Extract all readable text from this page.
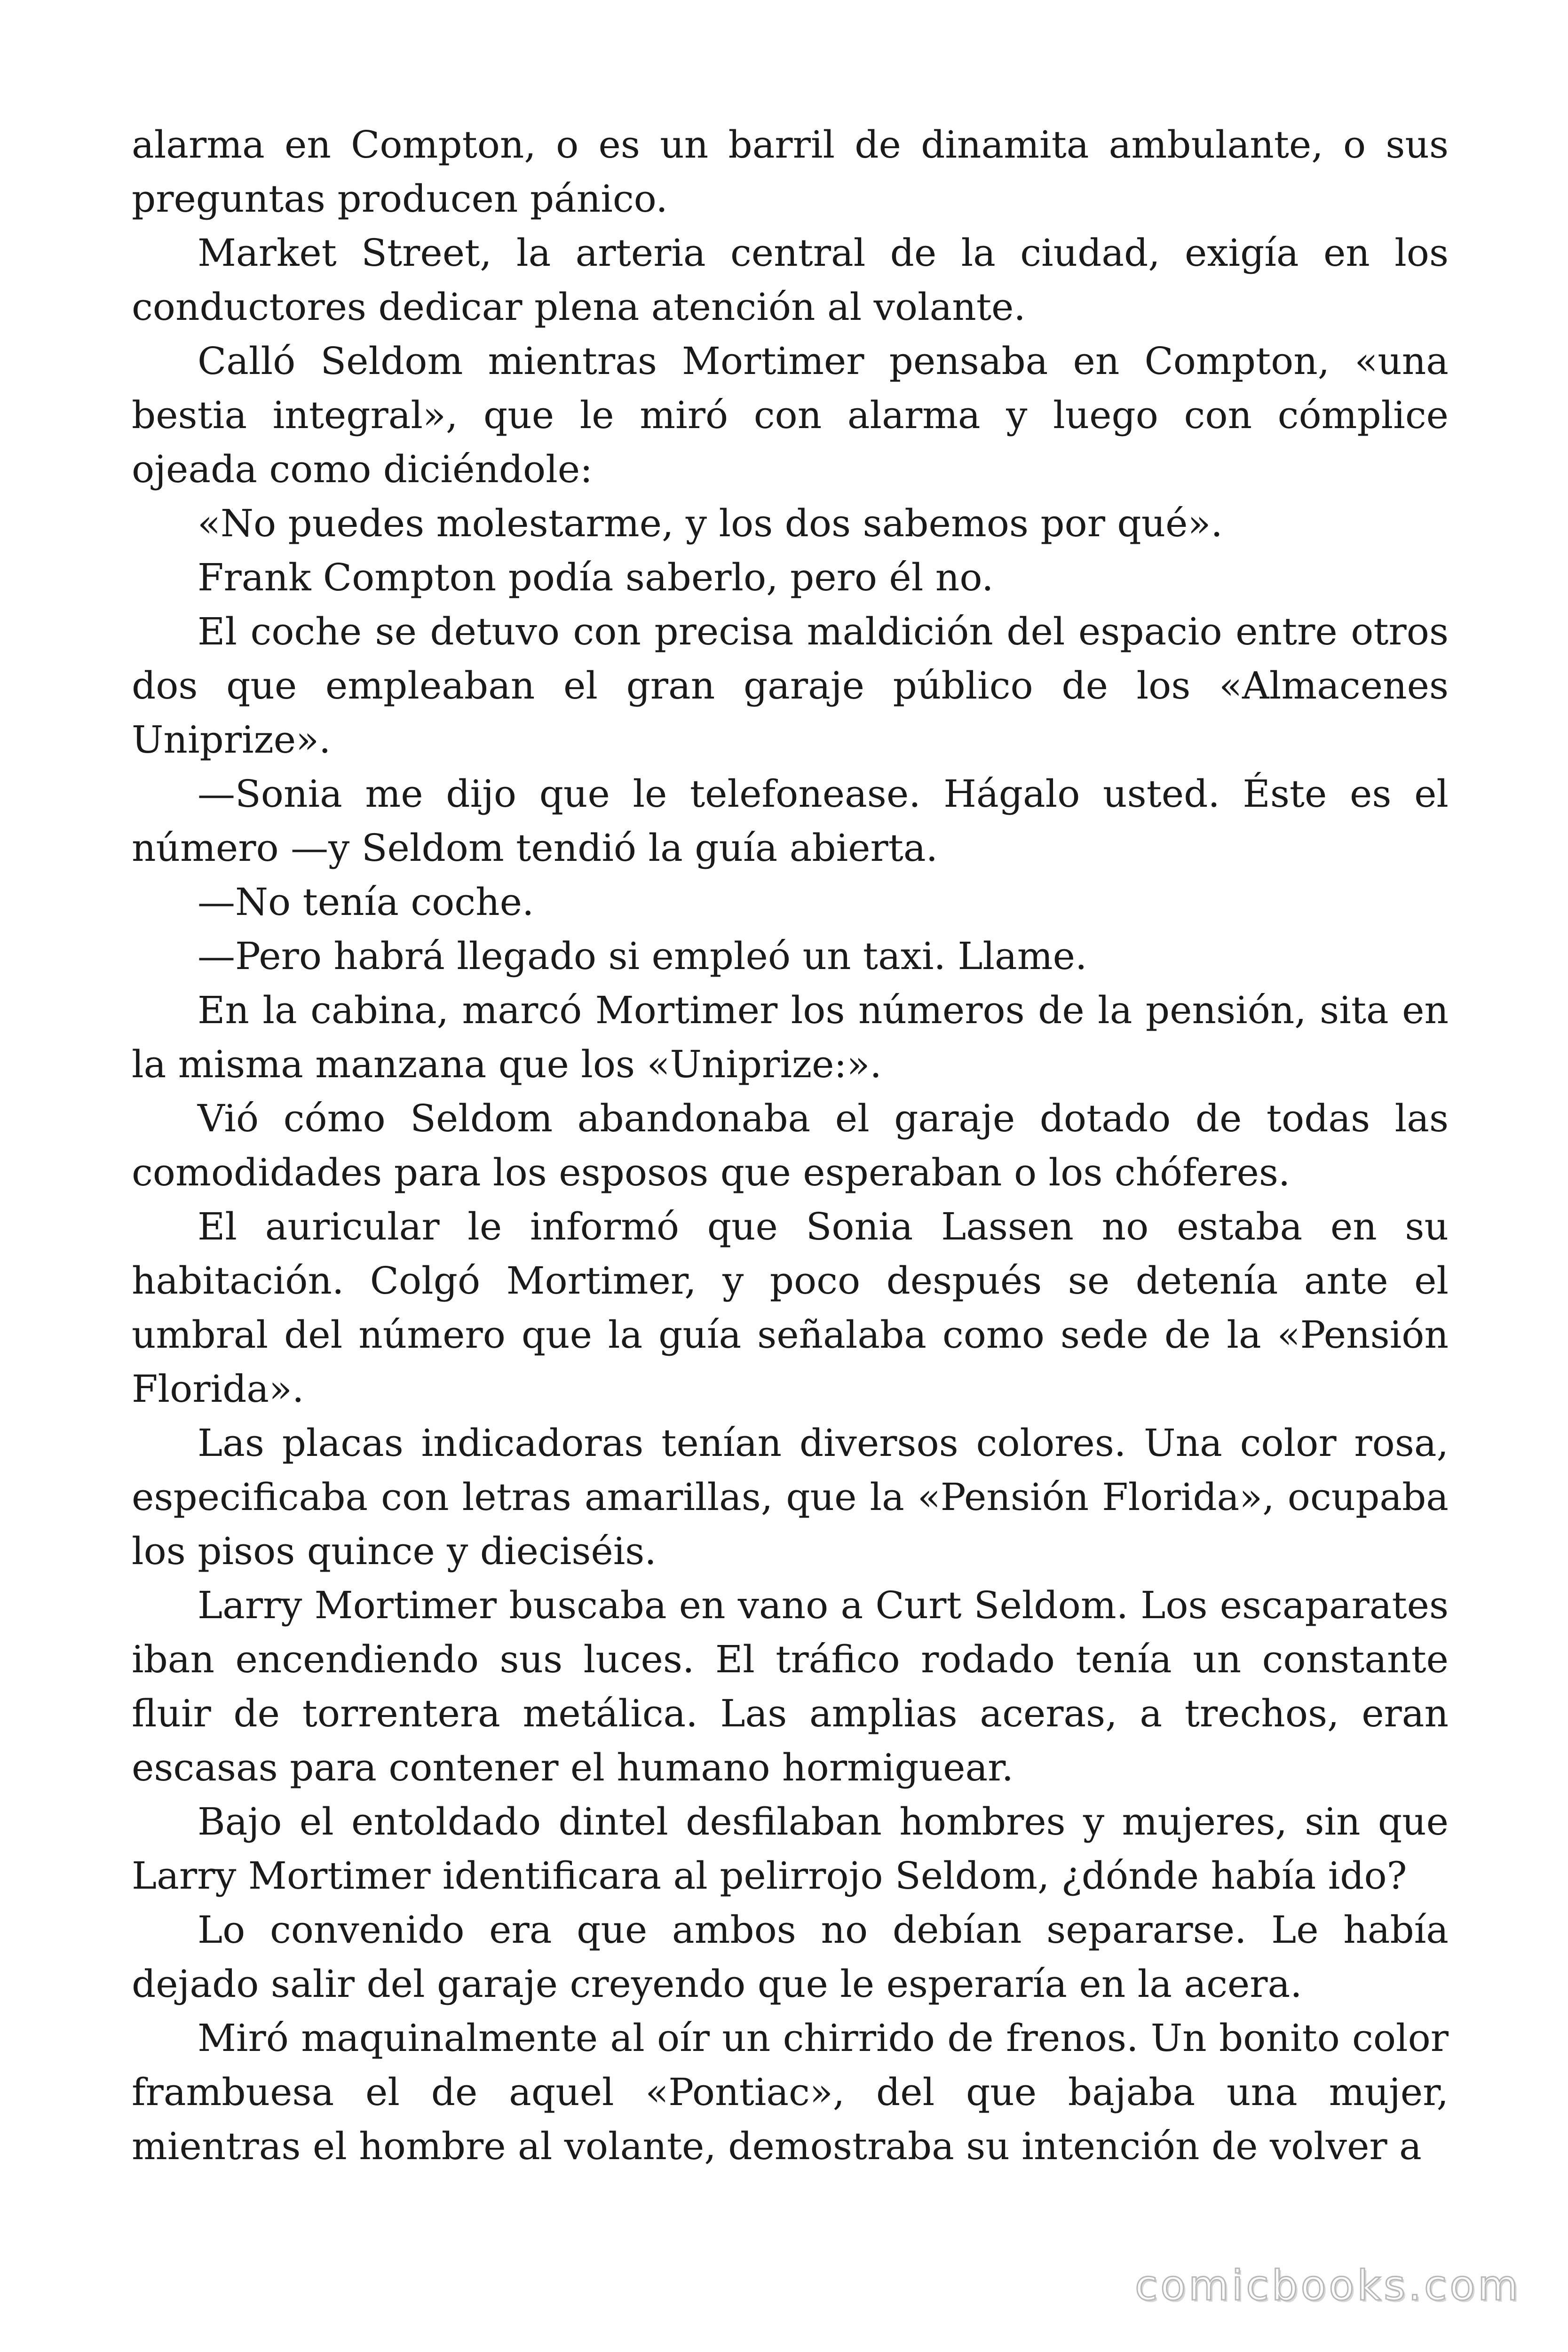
alarma en Compton, o es un barril de dinamita ambulante, o sus preguntas producen pánico.

Market Street, la arteria central de la ciudad, exigía en los conductores dedicar plena atención al volante.

Calló Seldom mientras Mortimer pensaba en Compton, «una bestia integral», que le miró con alarma y luego con cómplice ojeada como diciéndole:

«No puedes molestarme, y los dos sabemos por qué».

Frank Compton podía saberlo, pero él no.

El coche se detuvo con precisa maldición del espacio entre otros dos que empleaban el gran garaje público de los «Almacenes Uniprize».

—Sonia me dijo que le telefonease. Hágalo usted. Éste es el número —y Seldom tendió la guía abierta.

—No tenía coche.

—Pero habrá llegado si empleó un taxi. Llame.

En la cabina, marcó Mortimer los números de la pensión, sita en la misma manzana que los «Uniprize:».

Vió cómo Seldom abandonaba el garaje dotado de todas las comodidades para los esposos que esperaban o los chóferes.

El auricular le informó que Sonia Lassen no estaba en su habitación. Colgó Mortimer, y poco después se detenía ante el umbral del número que la guía señalaba como sede de la «Pensión Florida».

Las placas indicadoras tenían diversos colores. Una color rosa, especificaba con letras amarillas, que la «Pensión Florida», ocupaba los pisos quince y dieciséis.

Larry Mortimer buscaba en vano a Curt Seldom. Los escaparates iban encendiendo sus luces. El tráfico rodado tenía un constante fluir de torrentera metálica. Las amplias aceras, a trechos, eran escasas para contener el humano hormiguear.

Bajo el entoldado dintel desfilaban hombres y mujeres, sin que Larry Mortimer identificara al pelirrojo Seldom, ¿dónde había ido?

Lo convenido era que ambos no debían separarse. Le había dejado salir del garaje creyendo que le esperaría en la acera.

Miró maquinalmente al oír un chirrido de frenos. Un bonito color frambuesa el de aquel «Pontiac», del que bajaba una mujer, mientras el hombre al volante, demostraba su intención de volver a

comicbooks.com
